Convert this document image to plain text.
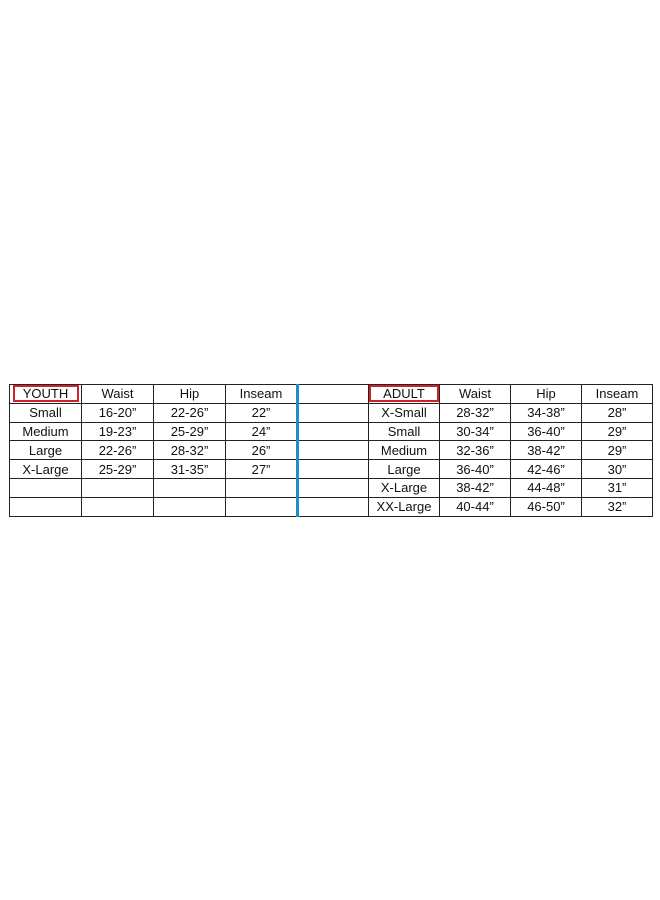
YOUTH	Waist	Hip	Inseam		ADULT	Waist	Hip	Inseam
Small	16-20”	22-26”	22”		X-Small	28-32”	34-38”	28”
Medium	19-23”	25-29”	24”		Small	30-34”	36-40”	29”
Large	22-26”	28-32”	26”		Medium	32-36”	38-42”	29”
X-Large	25-29”	31-35”	27”		Large	36-40”	42-46”	30”
					X-Large	38-42”	44-48”	31”
					XX-Large	40-44”	46-50”	32”
